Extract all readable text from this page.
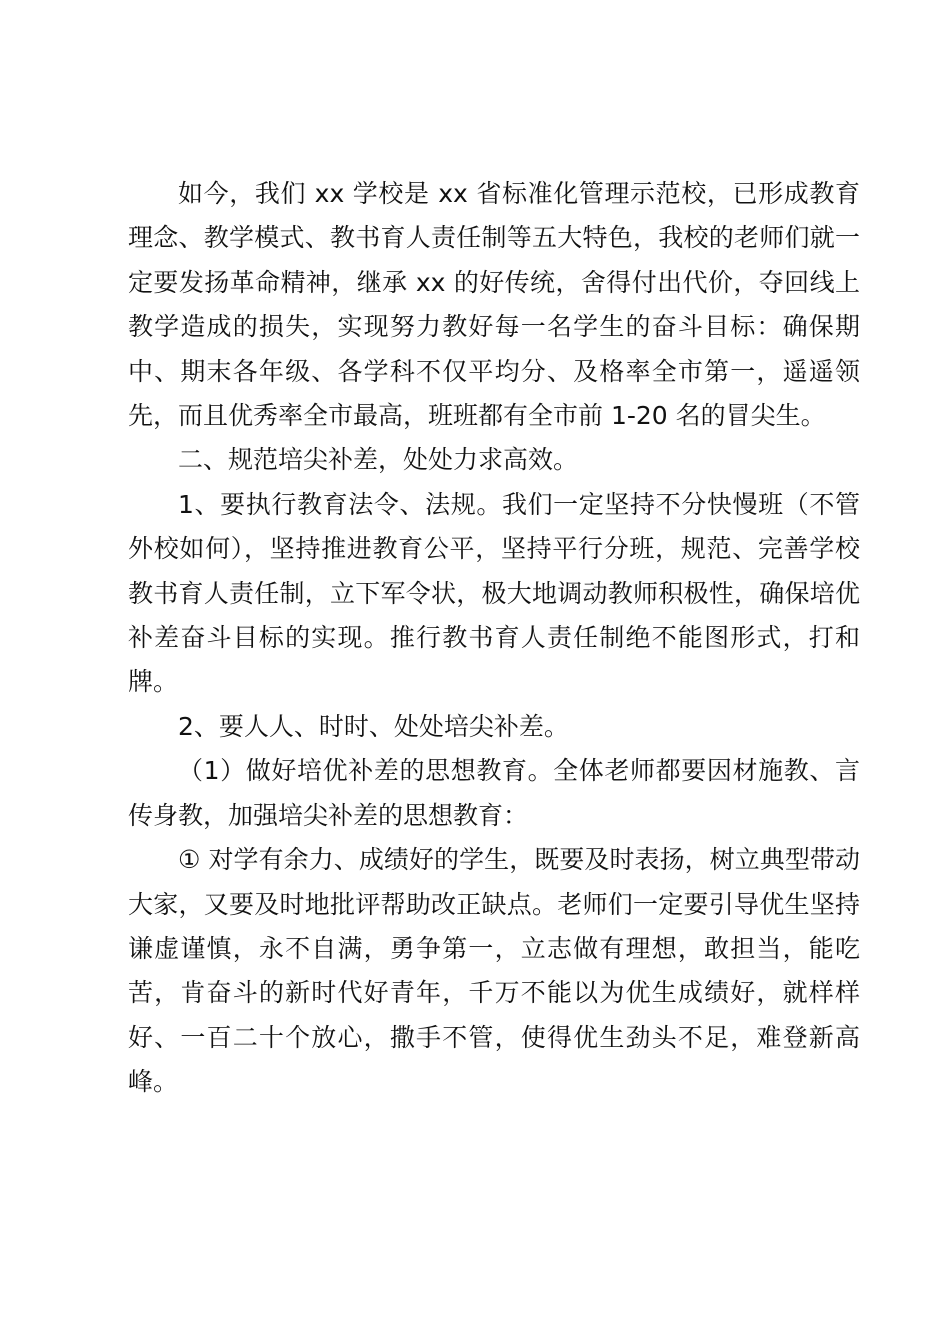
如今，我们 xx 学校是 xx 省标准化管理示范校，已形成教育理念、教学模式、教书育人责任制等五大特色，我校的老师们就一定要发扬革命精神，继承 xx 的好传统，舍得付出代价，夺回线上教学造成的损失，实现努力教好每一名学生的奋斗目标：确保期中、期末各年级、各学科不仅平均分、及格率全市第一，遥遥领先，而且优秀率全市最高，班班都有全市前 1-20 名的冒尖生。

二、规范培尖补差，处处力求高效。

1、要执行教育法令、法规。我们一定坚持不分快慢班（不管外校如何），坚持推进教育公平，坚持平行分班，规范、完善学校教书育人责任制，立下军令状，极大地调动教师积极性，确保培优补差奋斗目标的实现。推行教书育人责任制绝不能图形式，打和牌。

2、要人人、时时、处处培尖补差。

（1）做好培优补差的思想教育。全体老师都要因材施教、言传身教，加强培尖补差的思想教育：

① 对学有余力、成绩好的学生，既要及时表扬，树立典型带动大家，又要及时地批评帮助改正缺点。老师们一定要引导优生坚持谦虚谨慎，永不自满，勇争第一，立志做有理想，敢担当，能吃苦，肯奋斗的新时代好青年，千万不能以为优生成绩好，就样样好、一百二十个放心，撒手不管，使得优生劲头不足，难登新高峰。
